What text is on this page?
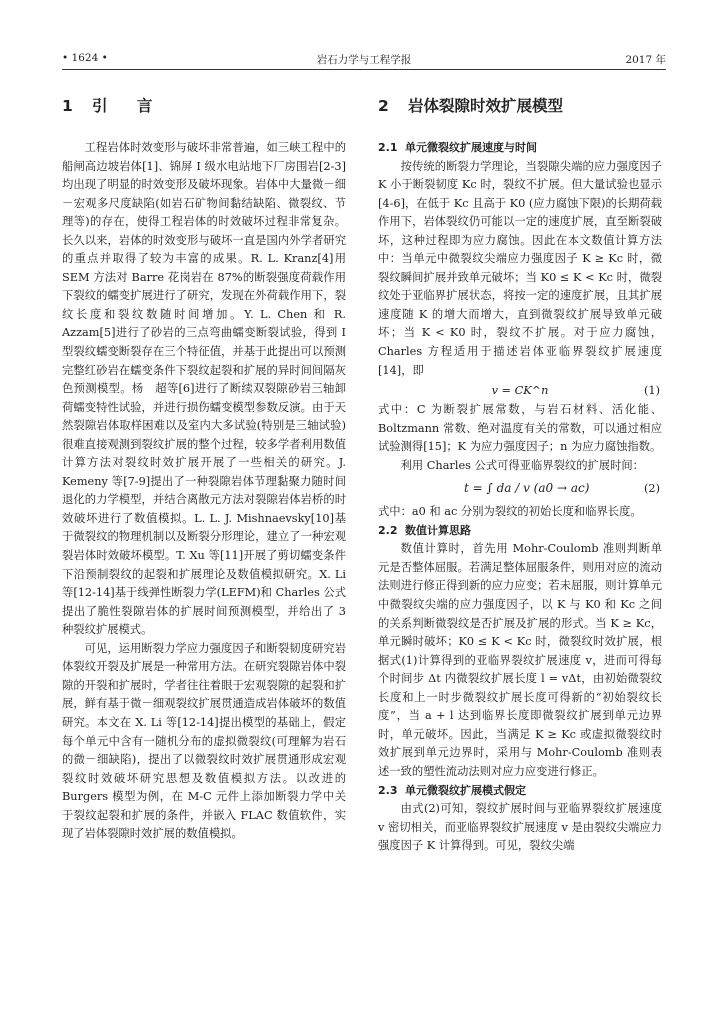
• 1624 •	岩石力学与工程学报	2017 年
1 引 言

工程岩体时效变形与破坏非常普遍，如三峡工程中的船闸高边坡岩体[1]、锦屏 I 级水电站地下厂房围岩[2-3]均出现了明显的时效变形及破坏现象。岩体中大量微－细－宏观多尺度缺陷(如岩石矿物间黏结缺陷、微裂纹、节理等)的存在，使得工程岩体的时效破坏过程非常复杂。长久以来，岩体的时效变形与破坏一直是国内外学者研究的重点并取得了较为丰富的成果。R. L. Kranz[4]用 SEM 方法对 Barre 花岗岩在 87%的断裂强度荷载作用下裂纹的蠕变扩展进行了研究，发现在外荷载作用下，裂纹长度和裂纹数随时间增加。Y. L. Chen 和 R. Azzam[5]进行了砂岩的三点弯曲蠕变断裂试验，得到 I 型裂纹蠕变断裂存在三个特征值，并基于此提出可以预测完整红砂岩在蠕变条件下裂纹起裂和扩展的异时间间隔灰色预测模型。杨　超等[6]进行了断续双裂隙砂岩三轴卸荷蠕变特性试验，并进行损伤蠕变模型参数反演。由于天然裂隙岩体取样困难以及室内大多试验(特别是三轴试验)很难直接观测到裂纹扩展的整个过程，较多学者利用数值计算方法对裂纹时效扩展开展了一些相关的研究。J. Kemeny 等[7-9]提出了一种裂隙岩体节理黏聚力随时间退化的力学模型，并结合离散元方法对裂隙岩体岩桥的时效破坏进行了数值模拟。L. L. J. Mishnaevsky[10]基于微裂纹的物理机制以及断裂分形理论，建立了一种宏观裂岩体时效破坏模型。T. Xu 等[11]开展了剪切蠕变条件下沿预制裂纹的起裂和扩展理论及数值模拟研究。X. Li 等[12-14]基于线弹性断裂力学(LEFM)和 Charles 公式提出了脆性裂隙岩体的扩展时间预测模型，并给出了 3 种裂纹扩展模式。

可见，运用断裂力学应力强度因子和断裂韧度研究岩体裂纹开裂及扩展是一种常用方法。在研究裂隙岩体中裂隙的开裂和扩展时，学者往往着眼于宏观裂隙的起裂和扩展，鲜有基于微－细观裂纹扩展贯通造成岩体破坏的数值研究。本文在 X. Li 等[12-14]提出模型的基础上，假定每个单元中含有一随机分布的虚拟微裂纹(可理解为岩石的微－细缺陷)，提出了以微裂纹时效扩展贯通形成宏观裂纹时效破坏研究思想及数值模拟方法。以改进的 Burgers 模型为例，在 M-C 元件上添加断裂力学中关于裂纹起裂和扩展的条件，并嵌入 FLAC 数值软件，实现了岩体裂隙时效扩展的数值模拟。

2 岩体裂隙时效扩展模型
2.1 单元微裂纹扩展速度与时间

按传统的断裂力学理论，当裂隙尖端的应力强度因子 K 小于断裂韧度 Kc 时，裂纹不扩展。但大量试验也显示[4-6]，在低于 Kc 且高于 K0 (应力腐蚀下限)的长期荷载作用下，岩体裂纹仍可能以一定的速度扩展，直至断裂破坏，这种过程即为应力腐蚀。因此在本文数值计算方法中：当单元中微裂纹尖端应力强度因子 K ≥ Kc 时，微裂纹瞬间扩展并致单元破坏；当 K0 ≤ K < Kc 时，微裂纹处于亚临界扩展状态，将按一定的速度扩展，且其扩展速度随 K 的增大而增大，直到微裂纹扩展导致单元破坏；当 K < K0 时，裂纹不扩展。对于应力腐蚀，Charles 方程适用于描述岩体亚临界裂纹扩展速度[14]，即

v = CK^n	(1)

式中：C 为断裂扩展常数，与岩石材料、活化能、Boltzmann 常数、绝对温度有关的常数，可以通过相应试验测得[15]；K 为应力强度因子；n 为应力腐蚀指数。

利用 Charles 公式可得亚临界裂纹的扩展时间：

t = ∫ da / v (a0 → ac)	(2)

式中：a0 和 ac 分别为裂纹的初始长度和临界长度。

2.2 数值计算思路

数值计算时，首先用 Mohr-Coulomb 准则判断单元是否整体屈服。若满足整体屈服条件，则用对应的流动法则进行修正得到新的应力应变；若未屈服，则计算单元中微裂纹尖端的应力强度因子，以 K 与 K0 和 Kc 之间的关系判断微裂纹是否扩展及扩展的形式。当 K ≥ Kc，单元瞬时破坏；K0 ≤ K < Kc 时，微裂纹时效扩展，根据式(1)计算得到的亚临界裂纹扩展速度 v，进而可得每个时间步 Δt 内微裂纹扩展长度 l = vΔt，由初始微裂纹长度和上一时步微裂纹扩展长度可得新的“初始裂纹长度”，当 a + l 达到临界长度即微裂纹扩展到单元边界时，单元破坏。因此，当满足 K ≥ Kc 或虚拟微裂纹时效扩展到单元边界时，采用与 Mohr-Coulomb 准则表述一致的塑性流动法则对应力应变进行修正。

2.3 单元微裂纹扩展模式假定

由式(2)可知，裂纹扩展时间与亚临界裂纹扩展速度 v 密切相关，而亚临界裂纹扩展速度 v 是由裂纹尖端应力强度因子 K 计算得到。可见，裂纹尖端
